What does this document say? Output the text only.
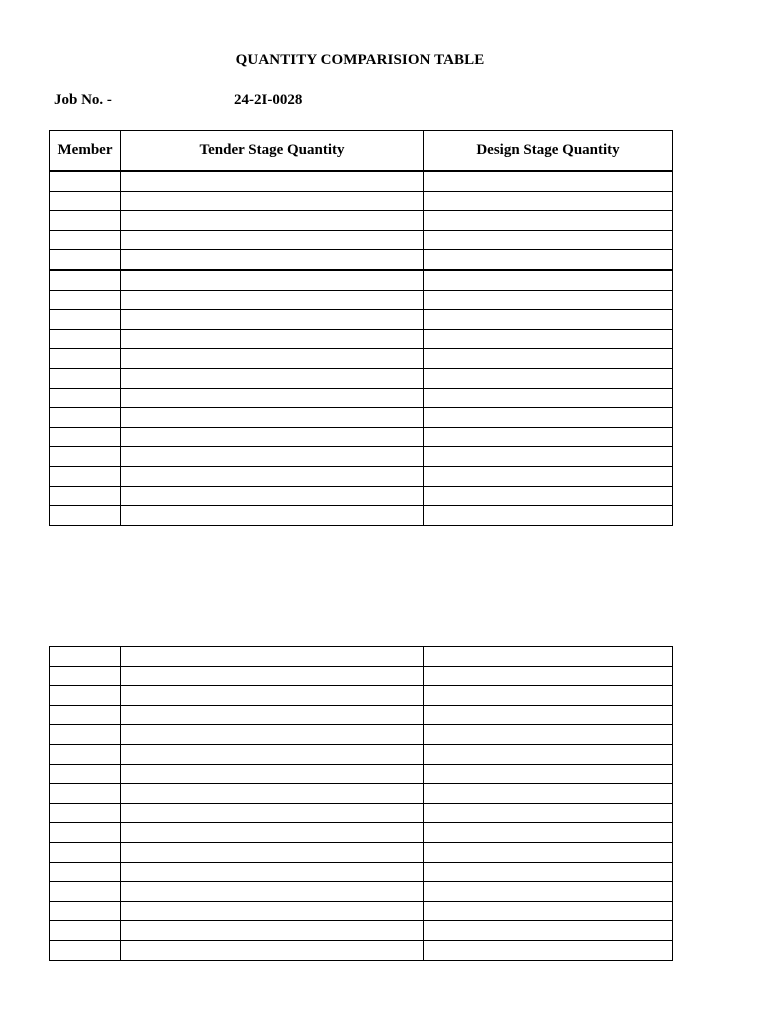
QUANTITY COMPARISION TABLE
Job No. -	24-2I-0028
Member	Tender Stage Quantity	Design Stage Quantity
